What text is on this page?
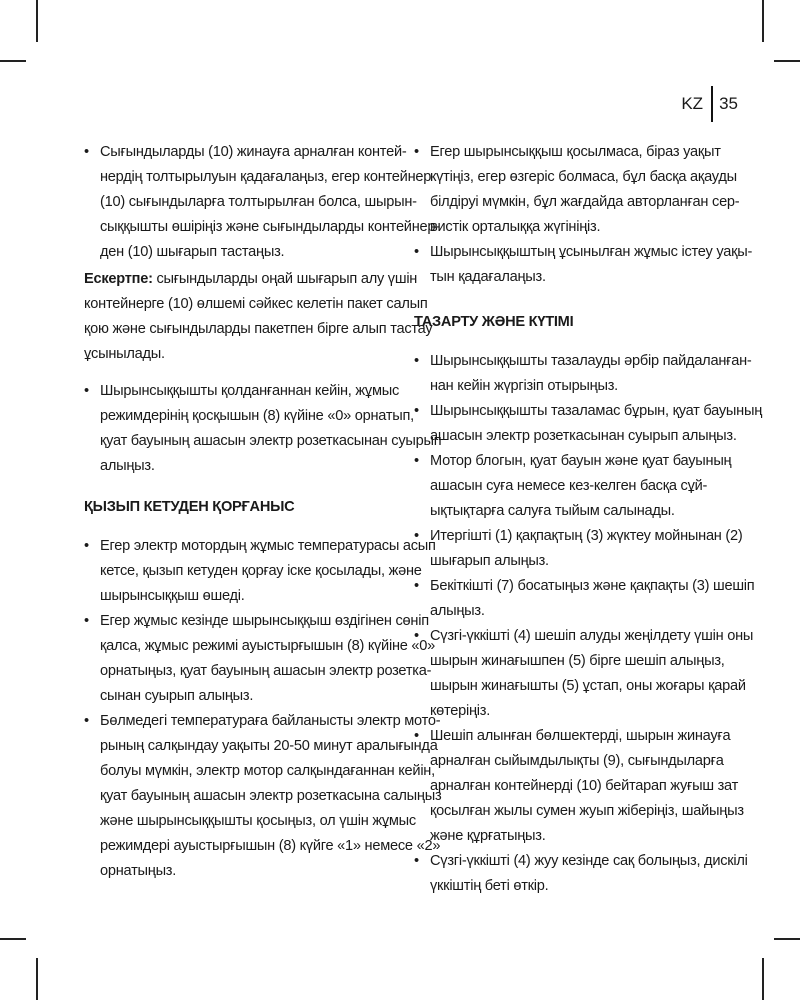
KZ 35
• Сығындыларды (10) жинауға арналған контей-
нердің толтырылуын қадағалаңыз, егер контейнер
(10) сығындыларға толтырылған болса, шырын-
сыққышты өшіріңіз және сығындыларды контейнер-
ден (10) шығарып тастаңыз.
Ескертпе: сығындыларды оңай шығарып алу үшін
контейнерге (10) өлшемі сәйкес келетін пакет салып
қою және сығындыларды пакетпен бірге алып тастау
ұсынылады.
• Шырынсыққышты қолданғаннан кейін, жұмыс
режимдерінің қосқышын (8) күйіне «0» орнатып,
қуат бауының ашасын электр розеткасынан суырып
алыңыз.
ҚЫЗЫП КЕТУДЕН ҚОРҒАНЫС
• Егер электр мотордың жұмыс температурасы асып
кетсе, қызып кетуден қорғау іске қосылады, және
шырынсыққыш өшеді.
• Егер жұмыс кезінде шырынсыққыш өздігінен сөніп
қалса, жұмыс режимі ауыстырғышын (8) күйіне «0»
орнатыңыз, қуат бауының ашасын электр розетка-
сынан суырып алыңыз.
• Бөлмедегі температураға байланысты электр мото-
рының салқындау уақыты 20-50 минут аралығында
болуы мүмкін, электр мотор салқындағаннан кейін,
қуат бауының ашасын электр розеткасына салыңыз
және шырынсыққышты қосыңыз, ол үшін жұмыс
режимдері ауыстырғышын (8) күйге «1» немесе «2»
орнатыңыз.
• Егер шырынсыққыш қосылмаса, біраз уақыт
күтіңіз, егер өзгеріс болмаса, бұл басқа ақауды
білдіруі мүмкін, бұл жағдайда авторланған сер-
вистік орталыққа жүгініңіз.
• Шырынсыққыштың ұсынылған жұмыс істеу уақы-
тын қадағалаңыз.
ТАЗАРТУ ЖӘНЕ КҮТІМІ
• Шырынсыққышты тазалауды әрбір пайдаланған-
нан кейін жүргізіп отырыңыз.
• Шырынсыққышты тазаламас бұрын, қуат бауының
ашасын электр розеткасынан суырып алыңыз.
• Мотор блогын, қуат бауын және қуат бауының
ашасын суға немесе кез-келген басқа сұй-
ықтықтарға салуға тыйым салынады.
• Итергішті (1) қақпақтың (3) жүктеу мойнынан (2)
шығарып алыңыз.
• Бекіткішті (7) босатыңыз және қақпақты (3) шешіп
алыңыз.
• Сүзгі-үккішті (4) шешіп алуды жеңілдету үшін оны
шырын жинағышпен (5) бірге шешіп алыңыз,
шырын жинағышты (5) ұстап, оны жоғары қарай
көтеріңіз.
• Шешіп алынған бөлшектерді, шырын жинауға
арналған сыйымдылықты (9), сығындыларға
арналған контейнерді (10) бейтарап жуғыш зат
қосылған жылы сумен жуып жіберіңіз, шайыңыз
және құрғатыңыз.
• Сүзгі-үккішті (4) жуу кезінде сақ болыңыз, дискілі
үккіштің беті өткір.
